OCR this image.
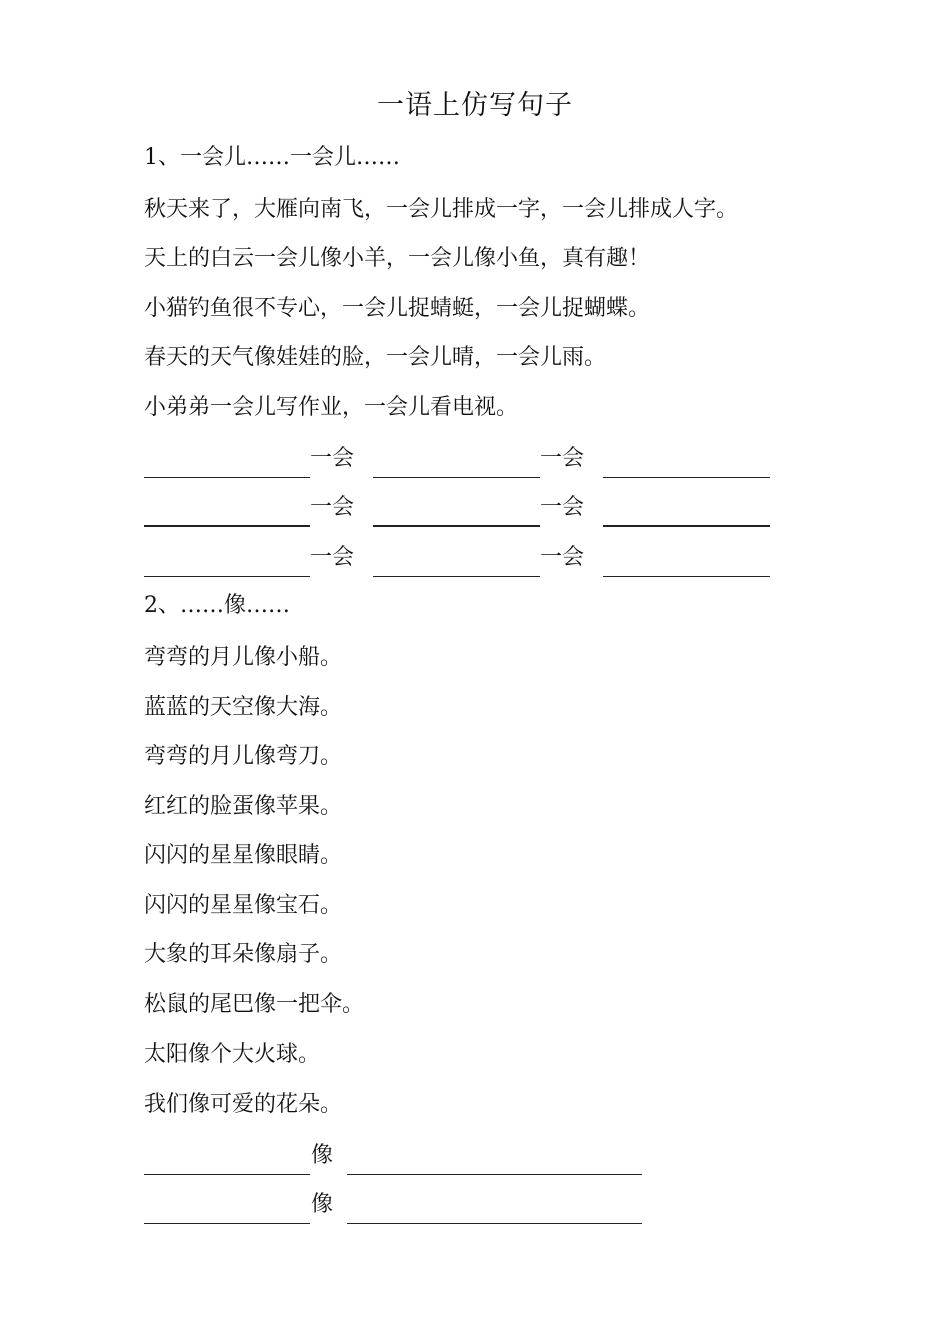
一语上仿写句子
1、一会儿……一会儿……
秋天来了，大雁向南飞，一会儿排成一字，一会儿排成人字。
天上的白云一会儿像小羊，一会儿像小鱼，真有趣！
小猫钓鱼很不专心，一会儿捉蜻蜓，一会儿捉蝴蝶。
春天的天气像娃娃的脸，一会儿晴，一会儿雨。
小弟弟一会儿写作业，一会儿看电视。
一会	一会
一会	一会
一会	一会
2、……像……
弯弯的月儿像小船。
蓝蓝的天空像大海。
弯弯的月儿像弯刀。
红红的脸蛋像苹果。
闪闪的星星像眼睛。
闪闪的星星像宝石。
大象的耳朵像扇子。
松鼠的尾巴像一把伞。
太阳像个大火球。
我们像可爱的花朵。
像
像
